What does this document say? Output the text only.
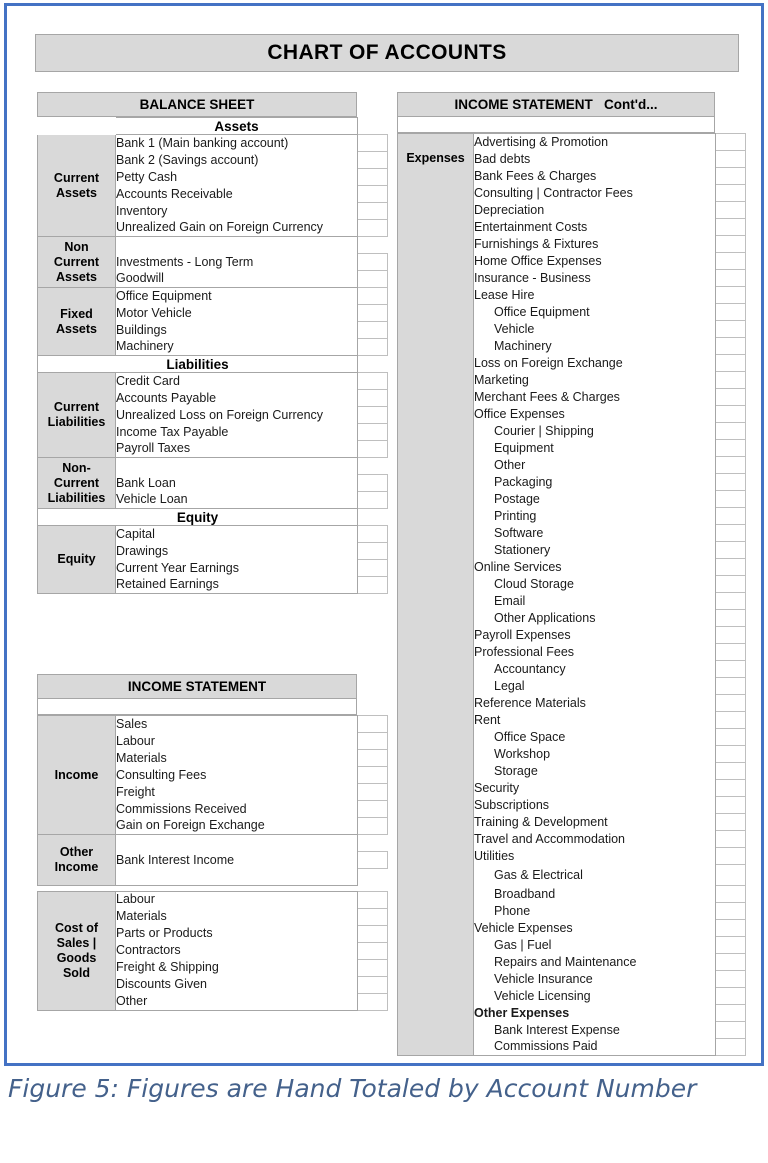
CHART OF ACCOUNTS
BALANCE SHEET
	Assets	
Current
Assets	Bank 1 (Main banking account)	
	Bank 2 (Savings account)	
	Petty Cash	
	Accounts Receivable	
	Inventory	
	Unrealized Gain on Foreign Currency	
Non
Current
Assets		
	Investments - Long Term	
	Goodwill	
Fixed
Assets	Office Equipment	
	Motor Vehicle	
	Buildings	
	Machinery	
Liabilities		
Current
Liabilities	Credit Card	
	Accounts Payable	
	Unrealized Loss on Foreign Currency	
	Income Tax Payable	
	Payroll Taxes	
Non-
Current
Liabilities		
	Bank Loan	
	Vehicle Loan	
Equity		
Equity	Capital	
	Drawings	
	Current Year Earnings	
	Retained Earnings	
INCOME STATEMENT
Income	Sales	
	Labour	
	Materials	
	Consulting Fees	
	Freight	
	Commissions Received	
	Gain on Foreign Exchange	
Other
Income		
	Bank Interest Income	

Cost of
Sales |
Goods
Sold	Labour	
	Materials	
	Parts or Products	
	Contractors	
	Freight & Shipping	
	Discounts Given	
	Other	
INCOME STATEMENT   Cont'd...
Expenses	Advertising & Promotion	
	Bad debts	
	Bank Fees & Charges	
	Consulting | Contractor Fees	
	Depreciation	
	Entertainment Costs	
	Furnishings & Fixtures	
	Home Office Expenses	
	Insurance - Business	
	Lease Hire	
	Office Equipment	
	Vehicle	
	Machinery	
	Loss on Foreign Exchange	
	Marketing	
	Merchant Fees & Charges	
	Office Expenses	
	Courier | Shipping	
	Equipment	
	Other	
	Packaging	
	Postage	
	Printing	
	Software	
	Stationery	
	Online Services	
	Cloud Storage	
	Email	
	Other Applications	
	Payroll Expenses	
	Professional Fees	
	Accountancy	
	Legal	
	Reference Materials	
	Rent	
	Office Space	
	Workshop	
	Storage	
	Security	
	Subscriptions	
	Training & Development	
	Travel and Accommodation	
	Utilities	
	Gas & Electrical	
	Broadband	
	Phone	
	Vehicle Expenses	
	Gas | Fuel	
	Repairs and Maintenance	
	Vehicle Insurance	
	Vehicle Licensing	
	Other Expenses	
	Bank Interest Expense	
	Commissions Paid	
Figure 5: Figures are Hand Totaled by Account Number
